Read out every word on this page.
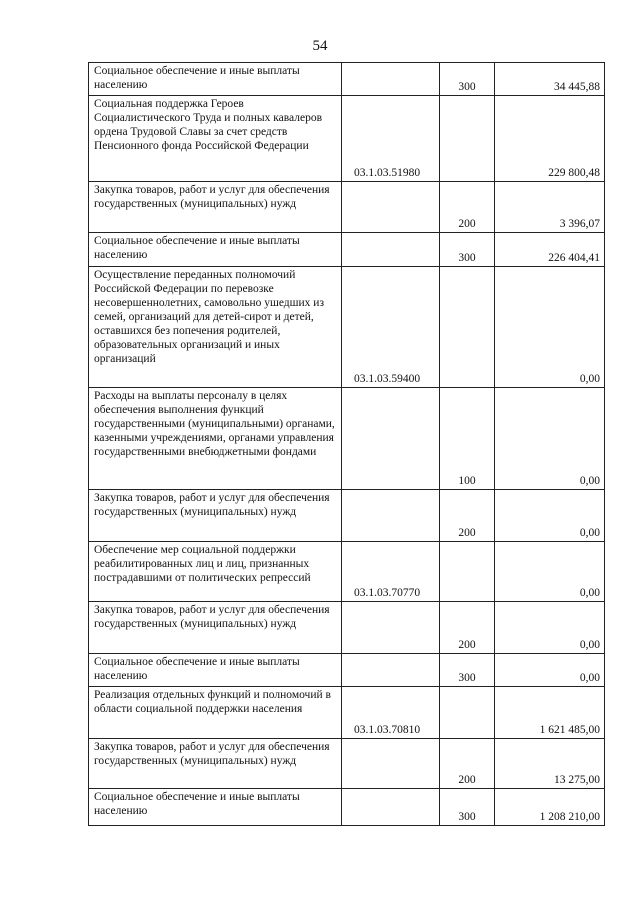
54
Социальное обеспечение и иные выплаты населению		300	34 445,88
Социальная поддержка Героев Социалистического Труда и полных кавалеров ордена Трудовой Славы за счет средств Пенсионного фонда Российской Федерации	03.1.03.51980		229 800,48
Закупка товаров, работ и услуг для обеспечения государственных (муниципальных) нужд		200	3 396,07
Социальное обеспечение и иные выплаты населению		300	226 404,41
Осуществление переданных полномочий Российской Федерации по перевозке несовершеннолетних, самовольно ушедших из семей, организаций для детей-сирот и детей, оставшихся без попечения родителей, образовательных организаций и иных организаций	03.1.03.59400		0,00
Расходы на выплаты персоналу в целях обеспечения выполнения функций государственными (муниципальными) органами, казенными учреждениями, органами управления государственными внебюджетными фондами		100	0,00
Закупка товаров, работ и услуг для обеспечения государственных (муниципальных) нужд		200	0,00
Обеспечение мер социальной поддержки реабилитированных лиц и лиц, признанных пострадавшими от политических репрессий	03.1.03.70770		0,00
Закупка товаров, работ и услуг для обеспечения государственных (муниципальных) нужд		200	0,00
Социальное обеспечение и иные выплаты населению		300	0,00
Реализация отдельных функций и полномочий в области социальной поддержки населения	03.1.03.70810		1 621 485,00
Закупка товаров, работ и услуг для обеспечения государственных (муниципальных) нужд		200	13 275,00
Социальное обеспечение и иные выплаты населению		300	1 208 210,00
